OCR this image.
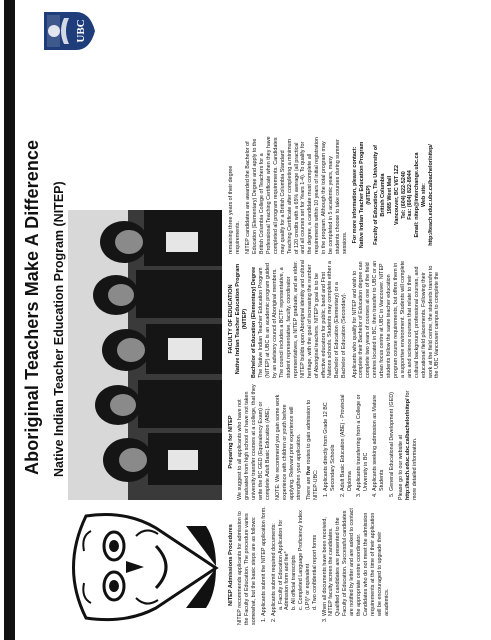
Aboriginal Teachers Make A Difference Native Indian Teacher Education Program (NITEP)
UBC

NITEP Admissions Procedures NITEP recommends applicants for admission to the Faculty of Education. The procedure varies somewhat, but the basic steps are as follows: 1. Applicants submit the NITEP application form. 2. Applicants submit required documents: a. Faculty of Education Application for Admission form and fee* b. All official transcripts c. Completed Language Proficiency Index (LPI)* or equivalent d. Two confidential report forms 3. When all documents have been received, NITEP faculty screen the candidates. Qualified candidates are presented to the Faculty of Education. Successful candidates are notified by letter and are asked to contact the appropriate centre coordinator. Candidates who do not meet the admission requirements at the time of their application will be encouraged to upgrade their academics.

Preparing for NITEP We suggest to all applicants who have not graduated from high school or have not taken university transfer courses at a college, that they write the BC GED (Equivalency Exam) or complete Adult Basic Education (ABE). NOTE: We recommend you gain some work experience with children or youth before applying. Relevant prior experience will strengthen your application. There are five routes to gain admission to NITEP-UBC: 1. Applicants directly from Grade 12 BC Secondary Schools 2. Adult Basic Education (ABE) - Provincial Diploma 3. Applicants transferring from a College or University in BC 4. Applicants seeking admission as Mature Students 5. General Educational Development (GED) Please go to our website at http://teach.educ.ubc.ca/bachelor/nitep/ for more detailed information.

FACULTY OF EDUCATION Native Indian Teacher Education Program (NITEP) Bachelor of Education (Elementary) Degree The Native Indian Teacher Education Program (NITEP) at UBC is an academic program guided by an advisory council of Aboriginal members. The council includes a BCTF representative, a student representative, faculty, coordinator representatives, a NITEP graduate, and an elder. NITEP builds upon Aboriginal identity and cultural heritage, with the goal of increasing the number of Aboriginal teachers. NITEP's goal is to be effective educators for public, band and First Nations schools. Students may complete either a Bachelor of Education (Elementary) or a Bachelor of Education (Secondary). Applicants who qualify for NITEP and wish to complete their Bachelor of Education degree can complete two years of courses at one of the field centres located in BC, then transfer to UBC or an urban focus centre at UBC in Vancouver. NITEP students follow the same teacher education program course requirements, but offers them in a supportive environment. Students will complete arts and science courses that relate to their cultural background, professional courses, and educational field placements. Following their work at the field centre, the students transfer to the UBC Vancouver campus to complete the

remaining three years of their degree requirements. NITEP candidates are awarded the Bachelor of Education (Elementary) Degree and apply to the British Columbia College of Teachers for a Professional Teaching Certificate when they have completed all program requirements. Candidates may qualify for a British Columbia Standard Teaching Certificate after completing a minimum of 120 credits with a 65% average (all practical and all courses set for Years 1-4). To qualify for the degree, a candidate must complete all requirements within 10 years of initial registration in the program. Although the total program may be completed in 5 academic years, many students choose to take courses during summer sessions. For more information, please contact: Native Indian Teacher Education Program (NITEP) Faculty of Education, The University of British Columbia 1985 West Mall Vancouver, BC V6T 1Z2 Tel: (604) 822-5240 Fax: (604) 822-8944 Email: nitep@interchange.ubc.ca Web site: http://teach.educ.ubc.ca/bachelor/nitep/
